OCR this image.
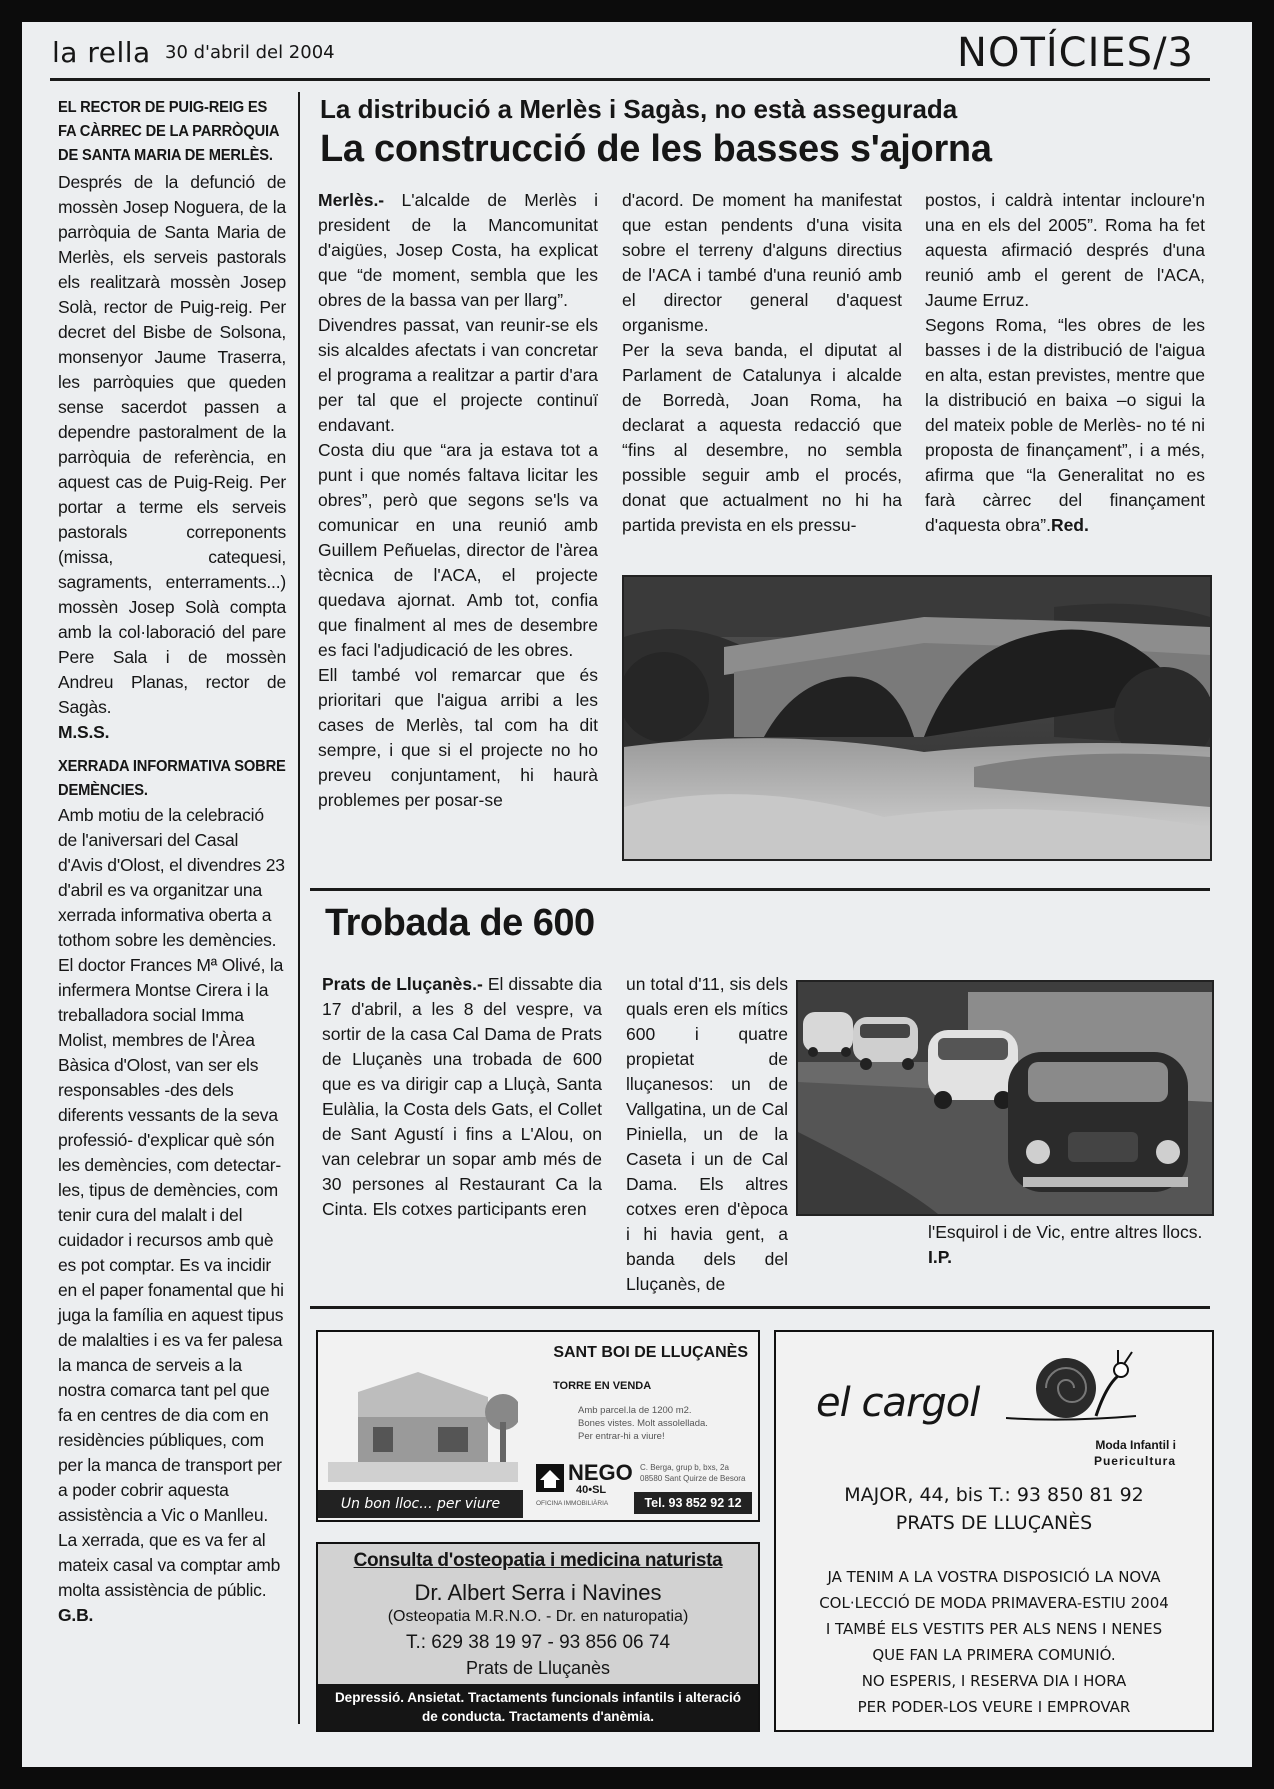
la rella 30 d'abril del 2004	NOTÍCIES/3

EL RECTOR DE PUIG-REIG ES FA CÀRREC DE LA PARRÒQUIA DE SANTA MARIA DE MERLÈS.

Després de la defunció de mossèn Josep Noguera, de la parròquia de Santa Maria de Merlès, els serveis pastorals els realitzarà mossèn Josep Solà, rector de Puig-reig. Per decret del Bisbe de Solsona, monsenyor Jaume Traserra, les parròquies que queden sense sacerdot passen a dependre pastoralment de la parròquia de referència, en aquest cas de Puig-Reig. Per portar a terme els serveis pastorals correponents (missa, catequesi, sagraments, enterraments...) mossèn Josep Solà compta amb la col·laboració del pare Pere Sala i de mossèn Andreu Planas, rector de Sagàs.

M.S.S.

XERRADA INFORMATIVA SOBRE DEMÈNCIES.

Amb motiu de la celebració de l'aniversari del Casal d'Avis d'Olost, el divendres 23 d'abril es va organitzar una xerrada informativa oberta a tothom sobre les demències. El doctor Frances Mª Olivé, la infermera Montse Cirera i la treballadora social Imma Molist, membres de l'Àrea Bàsica d'Olost, van ser els responsables -des dels diferents vessants de la seva professió- d'explicar què són les demències, com detectar-les, tipus de demències, com tenir cura del malalt i del cuidador i recursos amb què es pot comptar. Es va incidir en el paper fonamental que hi juga la família en aquest tipus de malalties i es va fer palesa la manca de serveis a la nostra comarca tant pel que fa en centres de dia com en residències públiques, com per la manca de transport per a poder cobrir aquesta assistència a Vic o Manlleu. La xerrada, que es va fer al mateix casal va comptar amb molta assistència de públic. G.B.

La distribució a Merlès i Sagàs, no està assegurada
La construcció de les basses s'ajorna
Merlès.- L'alcalde de Merlès i president de la Mancomunitat d'aigües, Josep Costa, ha explicat que “de moment, sembla que les obres de la bassa van per llarg”.
Divendres passat, van reunir-se els sis alcaldes afectats i van concretar el programa a realitzar a partir d'ara per tal que el projecte continuï endavant.
Costa diu que “ara ja estava tot a punt i que només faltava licitar les obres”, però que segons se'ls va comunicar en una reunió amb Guillem Peñuelas, director de l'àrea tècnica de l'ACA, el projecte quedava ajornat. Amb tot, confia que finalment al mes de desembre es faci l'adjudicació de les obres.
Ell també vol remarcar que és prioritari que l'aigua arribi a les cases de Merlès, tal com ha dit sempre, i que si el projecte no ho preveu conjuntament, hi haurà problemes per posar-se
d'acord. De moment ha manifestat que estan pendents d'una visita sobre el terreny d'alguns directius de l'ACA i també d'una reunió amb el director general d'aquest organisme.
Per la seva banda, el diputat al Parlament de Catalunya i alcalde de Borredà, Joan Roma, ha declarat a aquesta redacció que “fins al desembre, no sembla possible seguir amb el procés, donat que actualment no hi ha partida prevista en els pressu-
postos, i caldrà intentar incloure'n una en els del 2005”. Roma ha fet aquesta afirmació després d'una reunió amb el gerent de l'ACA, Jaume Erruz.
Segons Roma, “les obres de les basses i de la distribució de l'aigua en alta, estan previstes, mentre que la distribució en baixa –o sigui la del mateix poble de Merlès- no té ni proposta de finançament”, i a més, afirma que “la Generalitat no es farà càrrec del finançament d'aquesta obra”.Red.
Trobada de 600
Prats de Lluçanès.- El dissabte dia 17 d'abril, a les 8 del vespre, va sortir de la casa Cal Dama de Prats de Lluçanès una trobada de 600 que es va dirigir cap a Lluçà, Santa Eulàlia, la Costa dels Gats, el Collet de Sant Agustí i fins a L'Alou, on van celebrar un sopar amb més de 30 persones al Restaurant Ca la Cinta. Els cotxes participants eren
un total d'11, sis dels quals eren els mítics 600 i quatre propietat de lluçanesos: un de Vallgatina, un de Cal Piniella, un de la Caseta i un de Cal Dama. Els altres cotxes eren d'època i hi havia gent, a banda dels del Lluçanès, de
l'Esquirol i de Vic, entre altres llocs. I.P.
SANT BOI DE LLUÇANÈS
TORRE EN VENDA
Amb parcel.la de 1200 m2.
Bones vistes. Molt assolellada.
Per entrar-hi a viure!
Un bon lloc... per viure
NEGO
40•SL
OFICINA IMMOBILIÀRIA
C. Berga, grup b, bxs, 2a
08580 Sant Quirze de Besora
Tel. 93 852 92 12
Consulta d'osteopatia i medicina naturista
Dr. Albert Serra i Navines
(Osteopatia M.R.N.O. - Dr. en naturopatia)
T.: 629 38 19 97 - 93 856 06 74
Prats de Lluçanès
Depressió. Ansietat. Tractaments funcionals infantils i alteració de conducta. Tractaments d'anèmia.
el cargol
Moda Infantil i
Puericultura
MAJOR, 44, bis T.: 93 850 81 92
PRATS DE LLUÇANÈS
JA TENIM A LA VOSTRA DISPOSICIÓ LA NOVA
COL·LECCIÓ DE MODA PRIMAVERA-ESTIU 2004
I TAMBÉ ELS VESTITS PER ALS NENS I NENES
QUE FAN LA PRIMERA COMUNIÓ.
NO ESPERIS, I RESERVA DIA I HORA
PER PODER-LOS VEURE I EMPROVAR
